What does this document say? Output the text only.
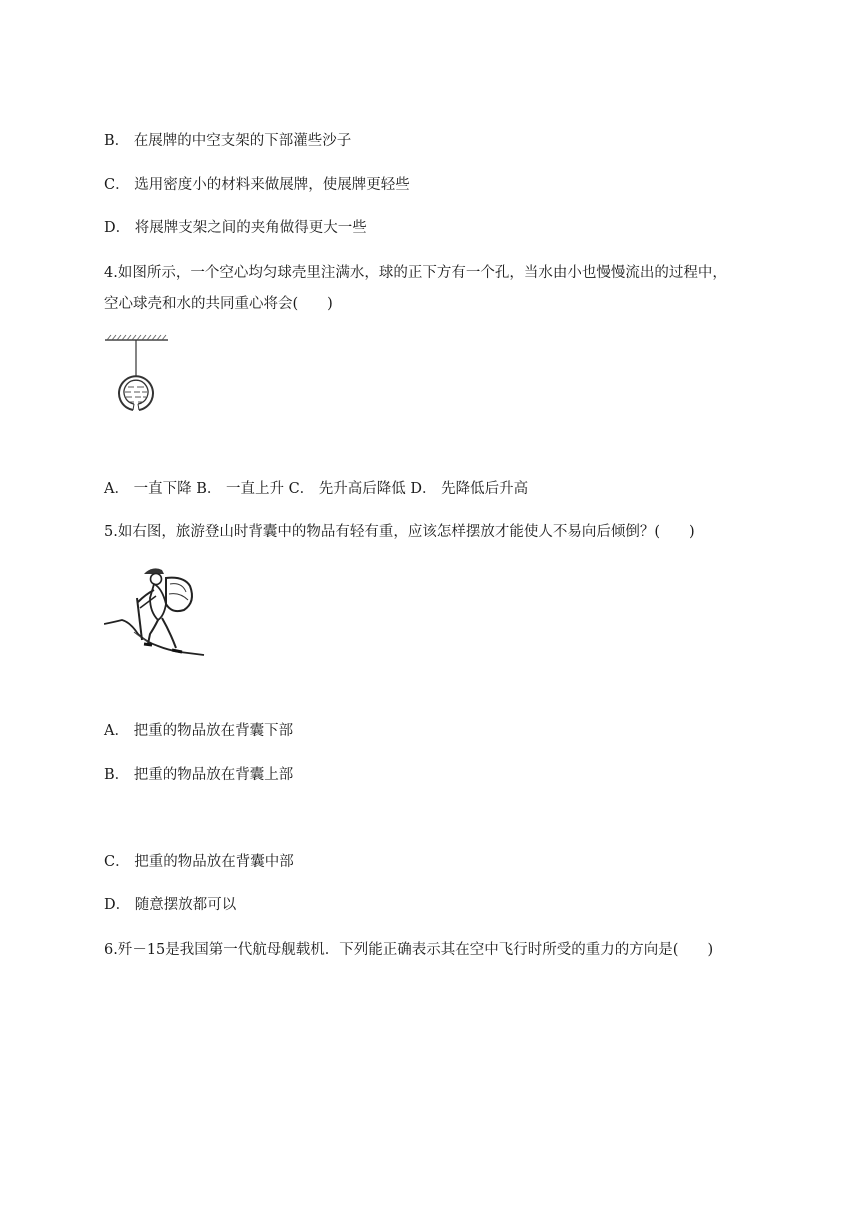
B． 在展牌的中空支架的下部灌些沙子
C． 选用密度小的材料来做展牌，使展牌更轻些
D． 将展牌支架之间的夹角做得更大一些
4.如图所示，一个空心均匀球壳里注满水，球的正下方有一个孔，当水由小也慢慢流出的过程中，
空心球壳和水的共同重心将会(　　)
A． 一直下降 B． 一直上升 C． 先升高后降低 D． 先降低后升高
5.如右图，旅游登山时背囊中的物品有轻有重，应该怎样摆放才能使人不易向后倾倒？(　　)
A． 把重的物品放在背囊下部
B． 把重的物品放在背囊上部
C． 把重的物品放在背囊中部
D． 随意摆放都可以
6.歼－15是我国第一代航母舰载机．下列能正确表示其在空中飞行时所受的重力的方向是(　　)
